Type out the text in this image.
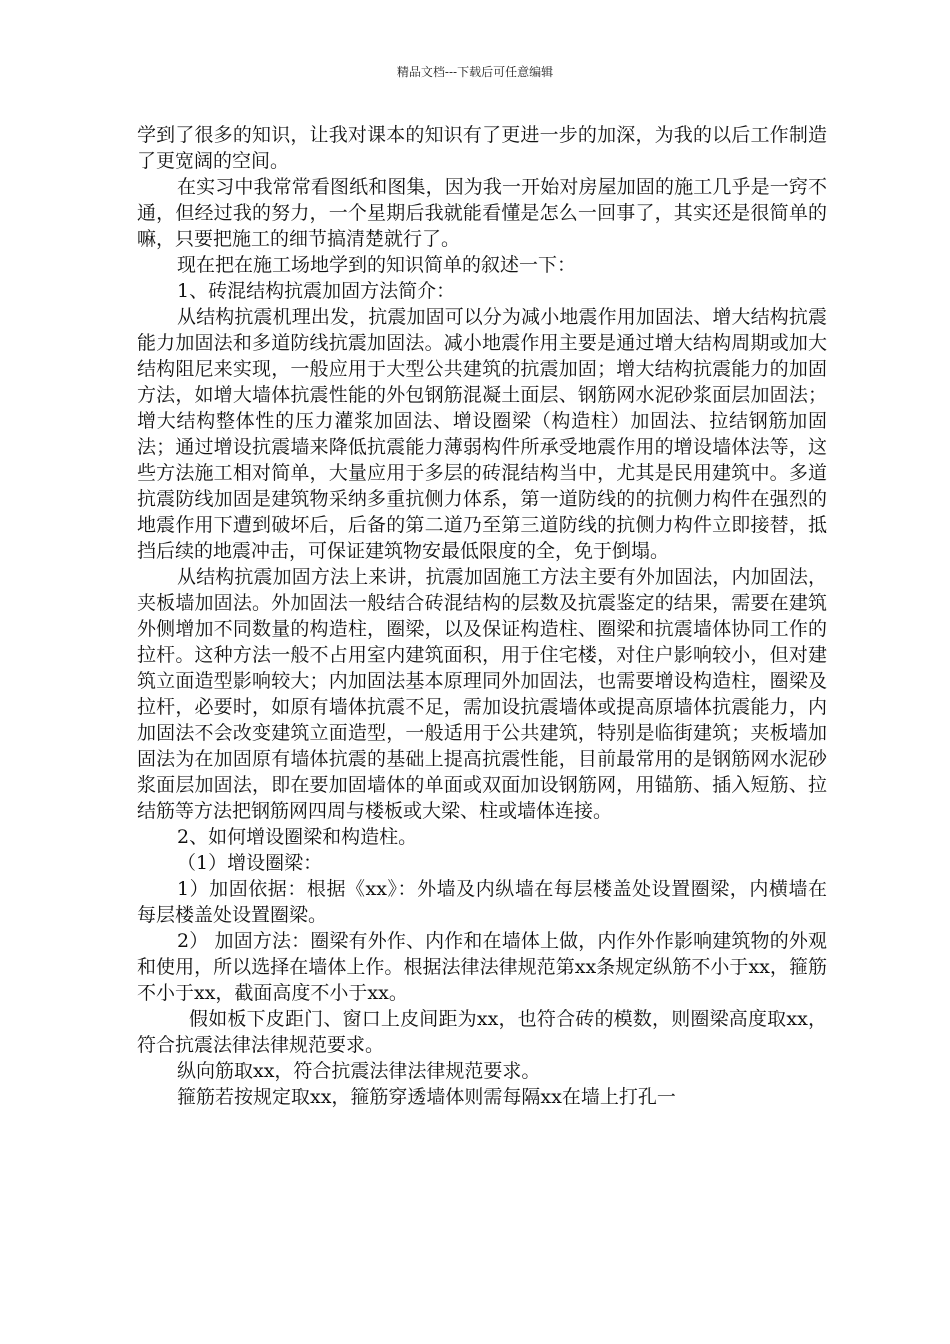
精品文档---下载后可任意编辑

学到了很多的知识，让我对课本的知识有了更进一步的加深，为我的以后工作制造了更宽阔的空间。

在实习中我常常看图纸和图集，因为我一开始对房屋加固的施工几乎是一窍不通，但经过我的努力，一个星期后我就能看懂是怎么一回事了，其实还是很简单的嘛，只要把施工的细节搞清楚就行了。

现在把在施工场地学到的知识简单的叙述一下：

1、砖混结构抗震加固方法简介：

从结构抗震机理出发，抗震加固可以分为减小地震作用加固法、增大结构抗震能力加固法和多道防线抗震加固法。减小地震作用主要是通过增大结构周期或加大结构阻尼来实现，一般应用于大型公共建筑的抗震加固；增大结构抗震能力的加固方法，如增大墙体抗震性能的外包钢筋混凝土面层、钢筋网水泥砂浆面层加固法；增大结构整体性的压力灌浆加固法、增设圈梁（构造柱）加固法、拉结钢筋加固法；通过增设抗震墙来降低抗震能力薄弱构件所承受地震作用的增设墙体法等，这些方法施工相对简单，大量应用于多层的砖混结构当中，尤其是民用建筑中。多道抗震防线加固是建筑物采纳多重抗侧力体系，第一道防线的的抗侧力构件在强烈的地震作用下遭到破坏后，后备的第二道乃至第三道防线的抗侧力构件立即接替，抵挡后续的地震冲击，可保证建筑物安最低限度的全，免于倒塌。

从结构抗震加固方法上来讲，抗震加固施工方法主要有外加固法，内加固法，夹板墙加固法。外加固法一般结合砖混结构的层数及抗震鉴定的结果，需要在建筑外侧增加不同数量的构造柱，圈梁，以及保证构造柱、圈梁和抗震墙体协同工作的拉杆。这种方法一般不占用室内建筑面积，用于住宅楼，对住户影响较小，但对建筑立面造型影响较大；内加固法基本原理同外加固法，也需要增设构造柱，圈梁及拉杆，必要时，如原有墙体抗震不足，需加设抗震墙体或提高原墙体抗震能力，内加固法不会改变建筑立面造型，一般适用于公共建筑，特别是临街建筑；夹板墙加固法为在加固原有墙体抗震的基础上提高抗震性能，目前最常用的是钢筋网水泥砂浆面层加固法，即在要加固墙体的单面或双面加设钢筋网，用锚筋、插入短筋、拉结筋等方法把钢筋网四周与楼板或大梁、柱或墙体连接。

2、如何增设圈梁和构造柱。

（1）增设圈梁：

1）加固依据：根据《xx》：外墙及内纵墙在每层楼盖处设置圈梁，内横墙在每层楼盖处设置圈梁。

2） 加固方法：圈梁有外作、内作和在墙体上做，内作外作影响建筑物的外观和使用，所以选择在墙体上作。根据法律法律规范第xx条规定纵筋不小于xx，箍筋不小于xx，截面高度不小于xx。

假如板下皮距门、窗口上皮间距为xx，也符合砖的模数，则圈梁高度取xx，符合抗震法律法律规范要求。

纵向筋取xx，符合抗震法律法律规范要求。

箍筋若按规定取xx，箍筋穿透墙体则需每隔xx在墙上打孔一
